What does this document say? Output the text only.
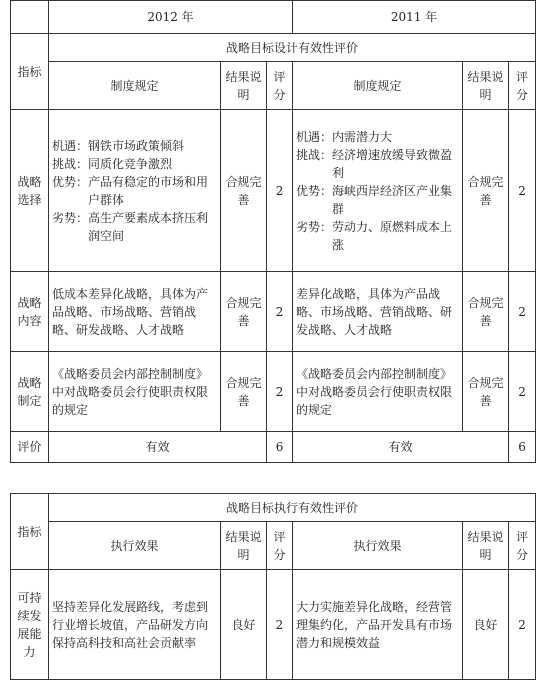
	2012 年			2011 年		
指标	战略目标设计有效性评价					
	制度规定	结果说明	评分	制度规定	结果说明	评分
战略选择	机遇：钢铁市场政策倾斜
挑战：同质化竞争激烈
优势：产品有稳定的市场和用户群体
劣势：高生产要素成本挤压利润空间	合规完善	2	机遇：内需潜力大
挑战：经济增速放缓导致微盈利
优势：海峡西岸经济区产业集群
劣势：劳动力、原燃料成本上涨	合规完善	2
战略内容	低成本差异化战略，具体为产品战略、市场战略、营销战略、研发战略、人才战略	合规完善	2	差异化战略，具体为产品战略、市场战略、营销战略、研发战略、人才战略	合规完善	2
战略制定	《战略委员会内部控制制度》中对战略委员会行使职责权限的规定	合规完善	2	《战略委员会内部控制制度》中对战略委员会行使职责权限的规定	合规完善	2
评价	有效		6	有效		6
指标	战略目标执行有效性评价					
	执行效果	结果说明	评分	执行效果	结果说明	评分
可持续发展能力	坚持差异化发展路线，考虑到行业增长坡值，产品研发方向保持高科技和高社会贡献率	良好	2	大力实施差异化战略，经营管理集约化，产品开发具有市场潜力和规模效益	良好	2
